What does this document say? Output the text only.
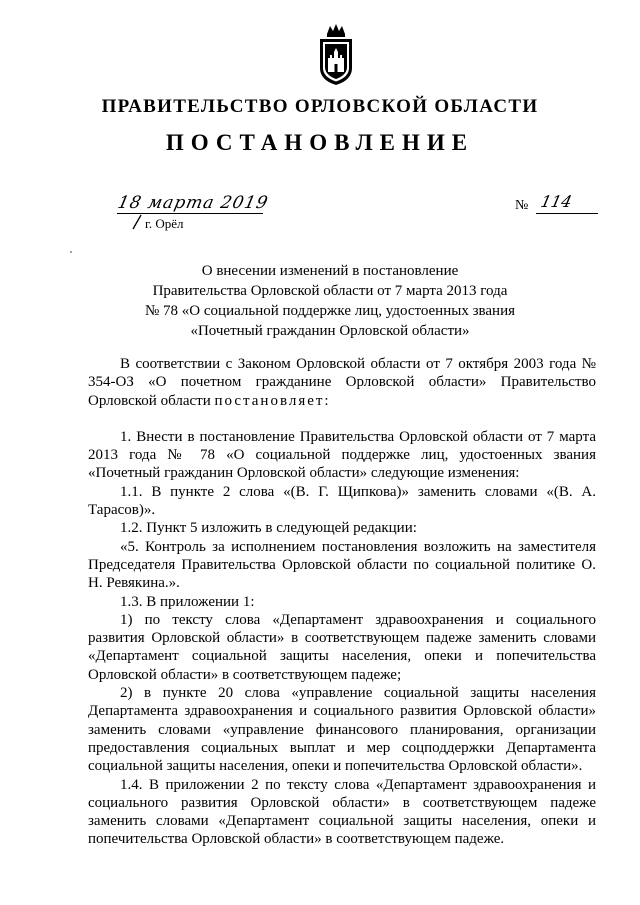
ПРАВИТЕЛЬСТВО ОРЛОВСКОЙ ОБЛАСТИ
ПОСТАНОВЛЕНИЕ
18 марта 2019
г. Орёл
№ 114
О внесении изменений в постановление
Правительства Орловской области от 7 марта 2013 года
№ 78 «О социальной поддержке лиц, удостоенных звания
«Почетный гражданин Орловской области»

В соответствии с Законом Орловской области от 7 октября 2003 года № 354-ОЗ «О почетном гражданине Орловской области» Правительство Орловской области постановляет:

1. Внести в постановление Правительства Орловской области от 7 марта 2013 года № 78 «О социальной поддержке лиц, удостоенных звания «Почетный гражданин Орловской области» следующие изменения:

1.1. В пункте 2 слова «(В. Г. Щипкова)» заменить словами «(В. А. Тарасов)».

1.2. Пункт 5 изложить в следующей редакции:

«5. Контроль за исполнением постановления возложить на заместителя Председателя Правительства Орловской области по социальной политике О. Н. Ревякина.».

1.3. В приложении 1:

1) по тексту слова «Департамент здравоохранения и социального развития Орловской области» в соответствующем падеже заменить словами «Департамент социальной защиты населения, опеки и попечительства Орловской области» в соответствующем падеже;

2) в пункте 20 слова «управление социальной защиты населения Департамента здравоохранения и социального развития Орловской области» заменить словами «управление финансового планирования, организации предоставления социальных выплат и мер соцподдержки Департамента социальной защиты населения, опеки и попечительства Орловской области».

1.4. В приложении 2 по тексту слова «Департамент здравоохранения и социального развития Орловской области» в соответствующем падеже заменить словами «Департамент социальной защиты населения, опеки и попечительства Орловской области» в соответствующем падеже.
